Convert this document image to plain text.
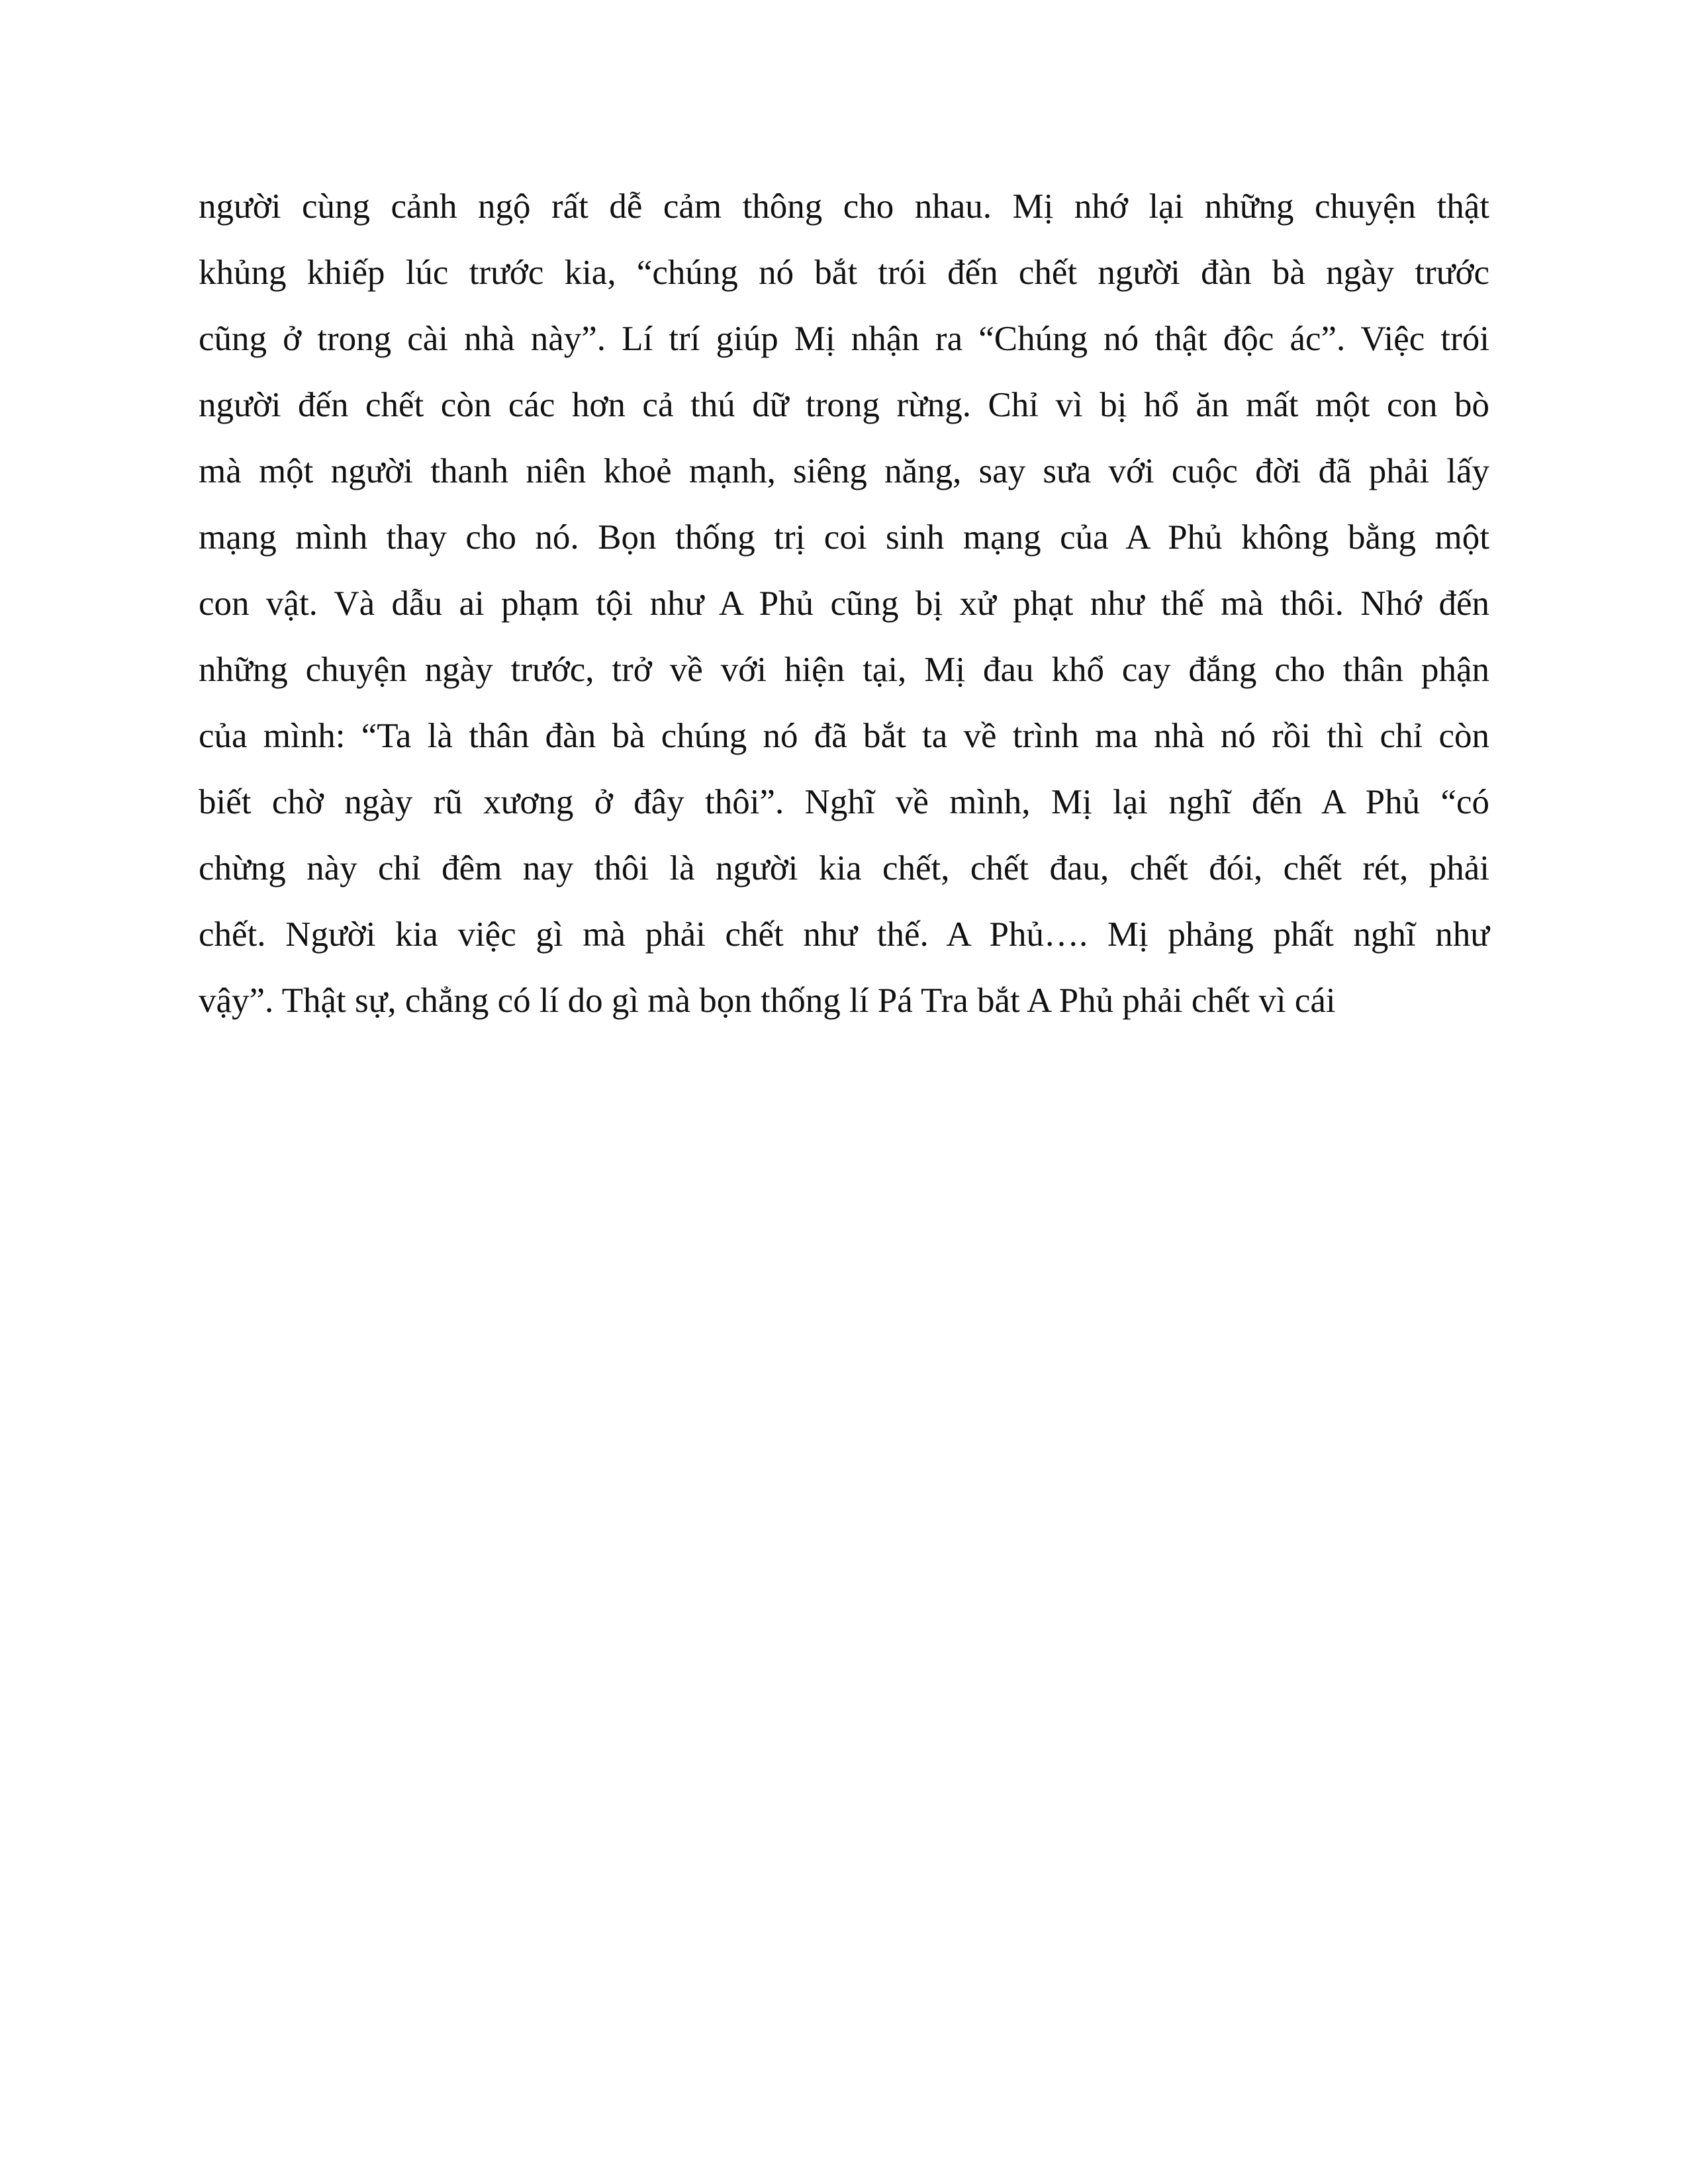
người cùng cảnh ngộ rất dễ cảm thông cho nhau. Mị nhớ lại những chuyện thật
khủng khiếp lúc trước kia, “chúng nó bắt trói đến chết người đàn bà ngày trước
cũng ở trong cài nhà này”. Lí trí giúp Mị nhận ra “Chúng nó thật độc ác”. Việc trói
người đến chết còn các hơn cả thú dữ trong rừng. Chỉ vì bị hổ ăn mất một con bò
mà một người thanh niên khoẻ mạnh, siêng năng, say sưa với cuộc đời đã phải lấy
mạng mình thay cho nó. Bọn thống trị coi sinh mạng của A Phủ không bằng một
con vật. Và dẫu ai phạm tội như A Phủ cũng bị xử phạt như thế mà thôi. Nhớ đến
những chuyện ngày trước, trở về với hiện tại, Mị đau khổ cay đắng cho thân phận
của mình: “Ta là thân đàn bà chúng nó đã bắt ta về trình ma nhà nó rồi thì chỉ còn
biết chờ ngày rũ xương ở đây thôi”. Nghĩ về mình, Mị lại nghĩ đến A Phủ “có
chừng này chỉ đêm nay thôi là người kia chết, chết đau, chết đói, chết rét, phải
chết. Người kia việc gì mà phải chết như thế. A Phủ…. Mị phảng phất nghĩ như
vậy”. Thật sự, chẳng có lí do gì mà bọn thống lí Pá Tra bắt A Phủ phải chết vì cái
